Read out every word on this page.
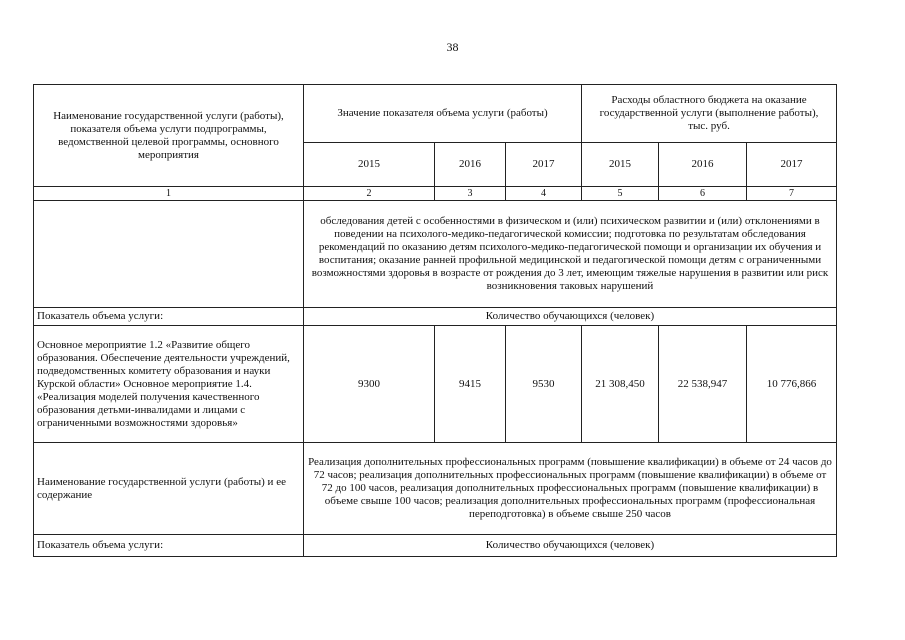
38
Наименование государственной услуги (работы), показателя объема услуги подпрограммы, ведомственной целевой программы, основного мероприятия	Значение показателя объема услуги (работы)			Расходы областного бюджета на оказание государственной услуги (выполнение работы),
тыс. руб.		
	2015	2016	2017	2015	2016	2017
1	2	3	4	5	6	7
	обследования детей с особенностями в физическом и (или) психическом развитии и (или) отклонениями в поведении на психолого-медико-педагогической комиссии; подготовка по результатам обследования рекомендаций по оказанию детям психолого-медико-педагогической помощи и организации их обучения и воспитания; оказание ранней профильной медицинской и педагогической помощи детям с ограниченными возможностями здоровья в возрасте от рождения до 3 лет, имеющим тяжелые нарушения в развитии или риск возникновения таковых нарушений					
Показатель объема услуги:	Количество обучающихся (человек)					
Основное мероприятие 1.2 «Развитие общего образования. Обеспечение деятельности учреждений, подведомственных комитету образования и науки Курской области» Основное мероприятие 1.4. «Реализация моделей получения качественного образования детьми-инвалидами и лицами с ограниченными возможностями здоровья»	9300	9415	9530	21 308,450	22 538,947	10 776,866
Наименование государственной услуги (работы) и ее содержание	Реализация дополнительных профессиональных программ (повышение квалификации) в объеме от 24 часов до 72 часов; реализация дополнительных профессиональных программ (повышение квалификации) в объеме от 72 до 100 часов, реализация дополнительных профессиональных программ (повышение квалификации) в объеме свыше 100 часов; реализация дополнительных профессиональных программ (профессиональная переподготовка) в объеме свыше 250 часов					
Показатель объема услуги:	Количество обучающихся (человек)					
